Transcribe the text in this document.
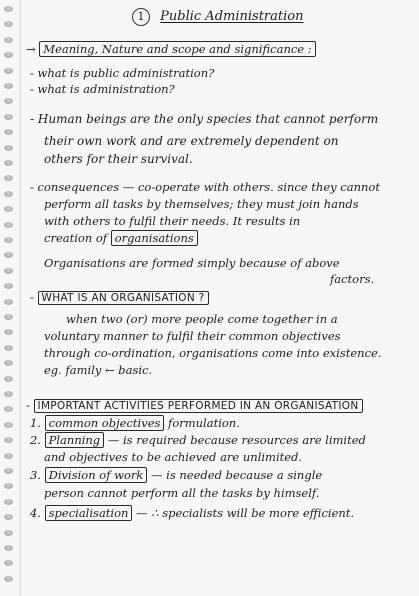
1 Public Administration
→ Meaning, Nature and scope and significance :
- what is public administration?
- what is administration?
- Human beings are the only species that cannot perform
their own work and are extremely dependent on
others for their survival.
- consequences — co-operate with others. since they cannot
perform all tasks by themselves; they must join hands
with others to fulfil their needs. It results in
creation of organisations
Organisations are formed simply because of above
factors.
- WHAT IS AN ORGANISATION ?
when two (or) more people come together in a
voluntary manner to fulfil their common objectives
through co-ordination, organisations come into existence.
eg. family ← basic.
- IMPORTANT ACTIVITIES PERFORMED IN AN ORGANISATION
1. common objectives formulation.
2. Planning — is required because resources are limited
and objectives to be achieved are unlimited.
3. Division of work — is needed because a single
person cannot perform all the tasks by himself.
4. specialisation — ∴ specialists will be more efficient.
